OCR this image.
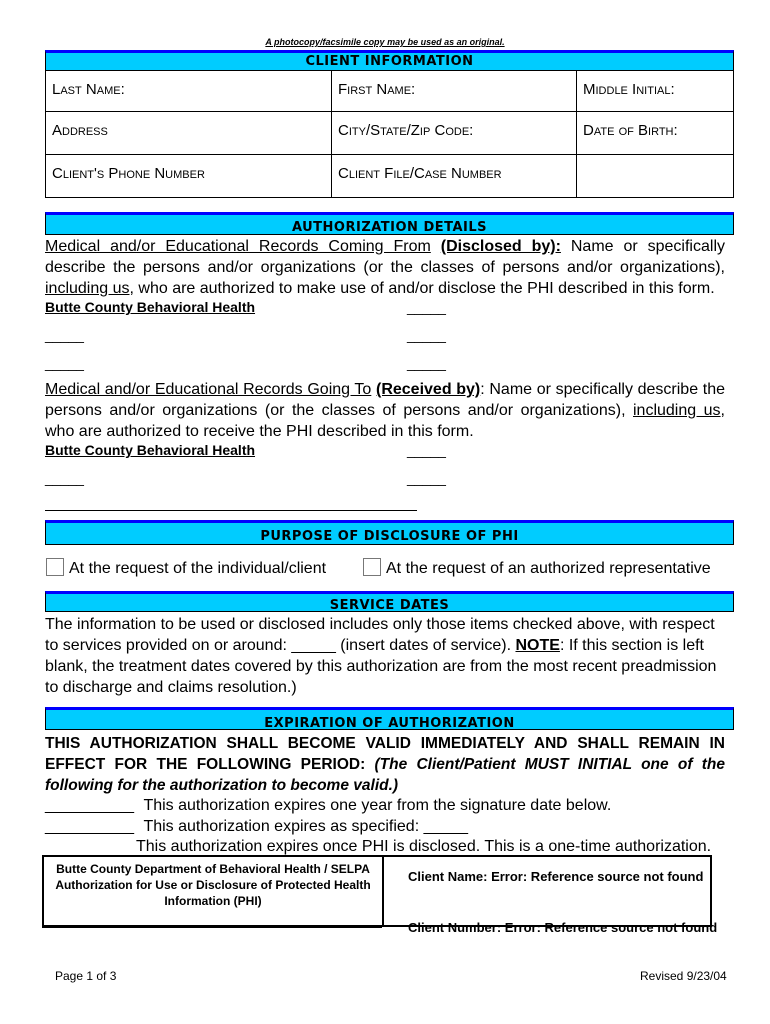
A photocopy/facsimile copy may be used as an original.
CLIENT INFORMATION
Last Name:	First Name:	Middle Initial:
Address	City/State/Zip Code:	Date of Birth:
Client's Phone Number	Client File/Case Number	
AUTHORIZATION DETAILS
Medical and/or Educational Records Coming From (Disclosed by): Name or specifically describe the persons and/or organizations (or the classes of persons and/or organizations), including us, who are authorized to make use of and/or disclose the PHI described in this form.
Butte County Behavioral Health	_____
_____	_____
_____	_____
Medical and/or Educational Records Going To (Received by): Name or specifically describe the persons and/or organizations (or the classes of persons and/or organizations), including us, who are authorized to receive the PHI described in this form.
Butte County Behavioral Health	_____
_____	_____
PURPOSE OF DISCLOSURE OF PHI
At the request of the individual/client	At the request of an authorized representative
SERVICE DATES
The information to be used or disclosed includes only those items checked above, with respect to services provided on or around: _____ (insert dates of service). NOTE: If this section is left blank, the treatment dates covered by this authorization are from the most recent preadmission to discharge and claims resolution.)
EXPIRATION OF AUTHORIZATION
THIS AUTHORIZATION SHALL BECOME VALID IMMEDIATELY AND SHALL REMAIN IN EFFECT FOR THE FOLLOWING PERIOD: (The Client/Patient MUST INITIAL one of the following for the authorization to become valid.)
__________ This authorization expires one year from the signature date below.
__________ This authorization expires as specified: _____
This authorization expires once PHI is disclosed. This is a one-time authorization.
Butte County Department of Behavioral Health / SELPA Authorization for Use or Disclosure of Protected Health Information (PHI)
Client Name: Error: Reference source not found
Client Number: Error: Reference source not found
Page 1 of 3	Revised 9/23/04
